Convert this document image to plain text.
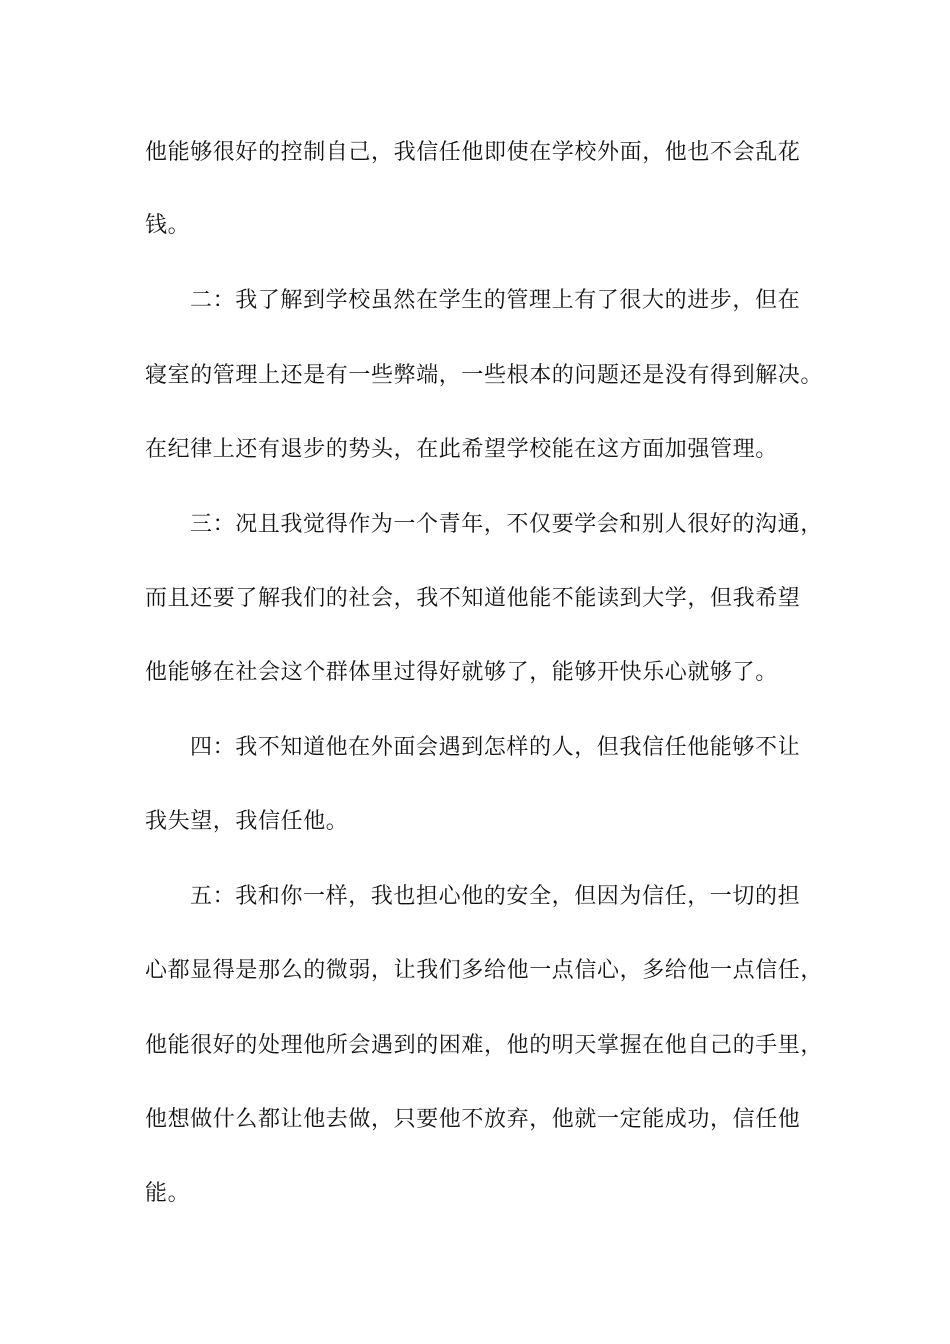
他能够很好的控制自己，我信任他即使在学校外面，他也不会乱花
钱。
二：我了解到学校虽然在学生的管理上有了很大的进步，但在
寝室的管理上还是有一些弊端，一些根本的问题还是没有得到解决。
在纪律上还有退步的势头，在此希望学校能在这方面加强管理。
三：况且我觉得作为一个青年，不仅要学会和别人很好的沟通，
而且还要了解我们的社会，我不知道他能不能读到大学，但我希望
他能够在社会这个群体里过得好就够了，能够开快乐心就够了。
四：我不知道他在外面会遇到怎样的人，但我信任他能够不让
我失望，我信任他。
五：我和你一样，我也担心他的安全，但因为信任，一切的担
心都显得是那么的微弱，让我们多给他一点信心，多给他一点信任，
他能很好的处理他所会遇到的困难，他的明天掌握在他自己的手里，
他想做什么都让他去做，只要他不放弃，他就一定能成功，信任他
能。
